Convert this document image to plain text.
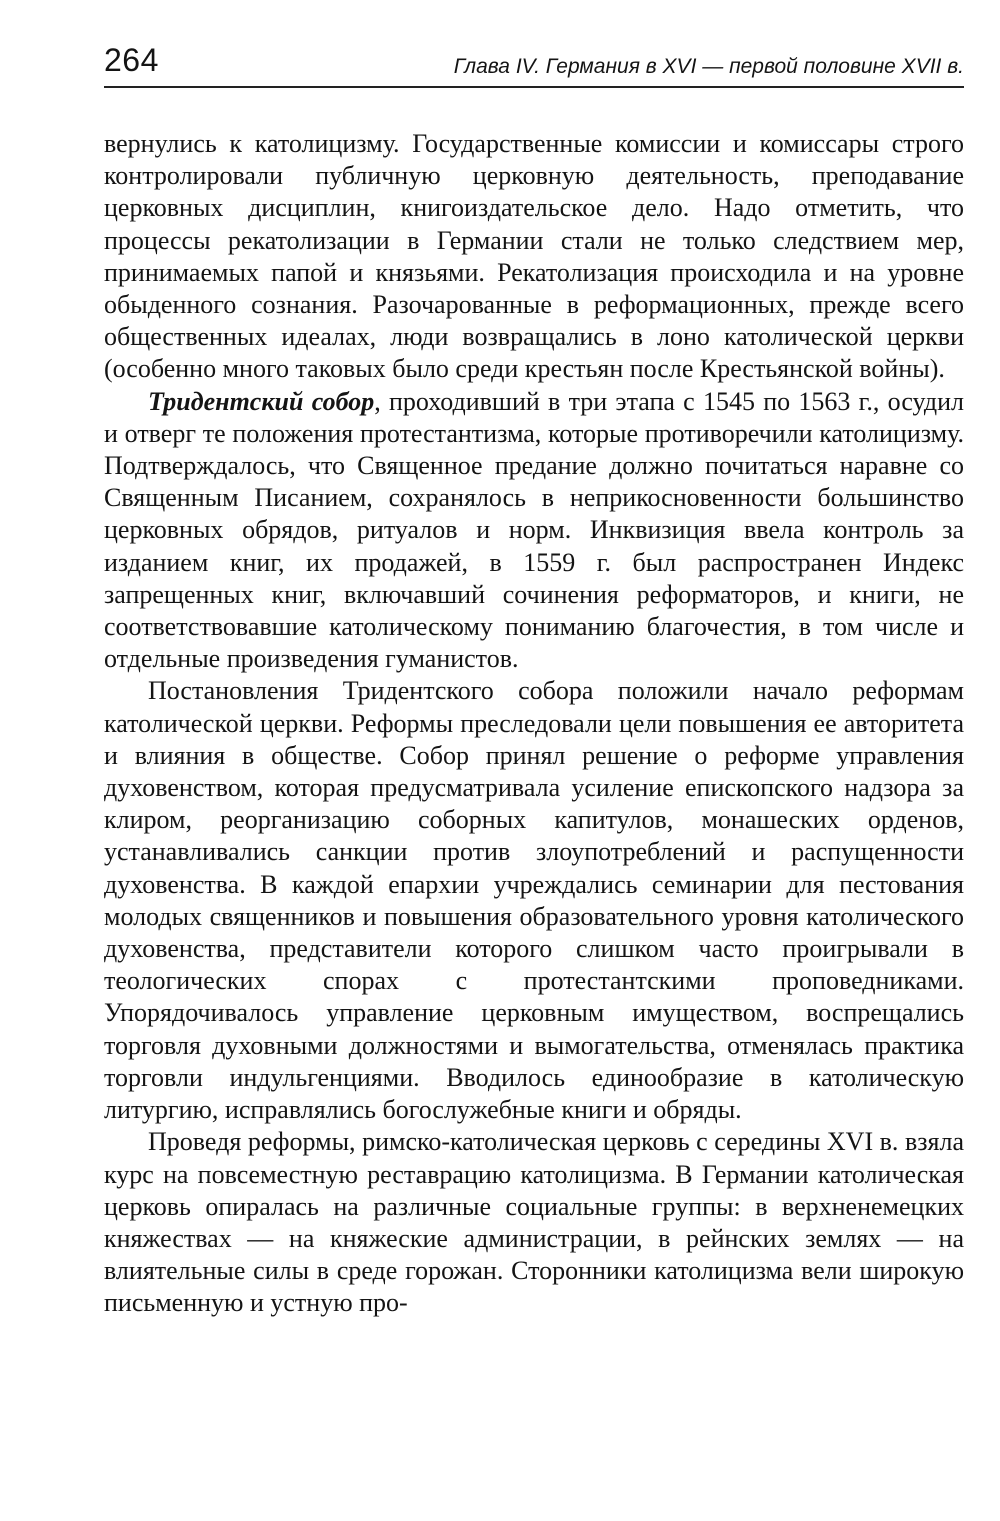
264	Глава IV. Германия в XVI — первой половине XVII в.

вернулись к католицизму. Государственные комиссии и комиссары строго контролировали публичную церковную деятельность, преподавание церковных дисциплин, книгоиздательское дело. Надо отметить, что процессы рекатолизации в Германии стали не только следствием мер, принимаемых папой и князьями. Рекатолизация происходила и на уровне обыденного сознания. Разочарованные в реформационных, прежде всего общественных идеалах, люди возвращались в лоно католической церкви (особенно много таковых было среди крестьян после Крестьянской войны).

Тридентский собор, проходивший в три этапа с 1545 по 1563 г., осудил и отверг те положения протестантизма, которые противоречили католицизму. Подтверждалось, что Священное предание должно почитаться наравне со Священным Писанием, сохранялось в неприкосновенности большинство церковных обрядов, ритуалов и норм. Инквизиция ввела контроль за изданием книг, их продажей, в 1559 г. был распространен Индекс запрещенных книг, включавший сочинения реформаторов, и книги, не соответствовавшие католическому пониманию благочестия, в том числе и отдельные произведения гуманистов.

Постановления Тридентского собора положили начало реформам католической церкви. Реформы преследовали цели повышения ее авторитета и влияния в обществе. Собор принял решение о реформе управления духовенством, которая предусматривала усиление епископского надзора за клиром, реорганизацию соборных капитулов, монашеских орденов, устанавливались санкции против злоупотреблений и распущенности духовенства. В каждой епархии учреждались семинарии для пестования молодых священников и повышения образовательного уровня католического духовенства, представители которого слишком часто проигрывали в теологических спорах с протестантскими проповедниками. Упорядочивалось управление церковным имуществом, воспрещались торговля духовными должностями и вымогательства, отменялась практика торговли индульгенциями. Вводилось единообразие в католическую литургию, исправлялись богослужебные книги и обряды.

Проведя реформы, римско-католическая церковь с середины XVI в. взяла курс на повсеместную реставрацию католицизма. В Германии католическая церковь опиралась на различные социальные группы: в верхненемецких княжествах — на княжеские администрации, в рейнских землях — на влиятельные силы в среде горожан. Сторонники католицизма вели широкую письменную и устную про-
